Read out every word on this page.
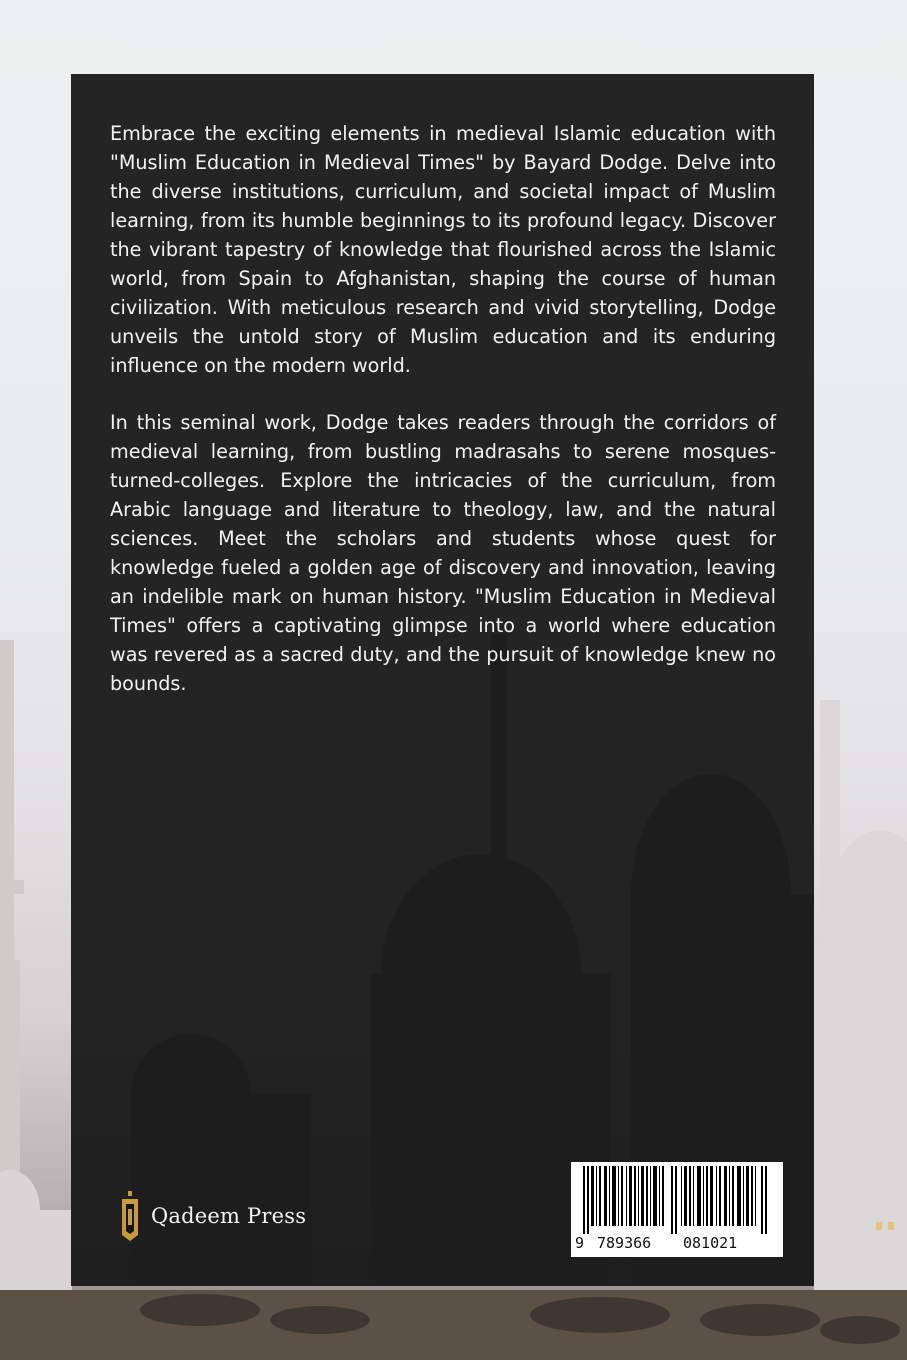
Embrace the exciting elements in medieval Islamic education with "Muslim Education in Medieval Times" by Bayard Dodge. Delve into the diverse institutions, curriculum, and societal impact of Muslim learning, from its humble beginnings to its profound legacy. Discover the vibrant tapestry of knowledge that flourished across the Islamic world, from Spain to Afghanistan, shaping the course of human civilization. With meticulous research and vivid storytelling, Dodge unveils the untold story of Muslim education and its enduring influence on the modern world.

In this seminal work, Dodge takes readers through the corridors of medieval learning, from bustling madrasahs to serene mosques-turned-colleges. Explore the intricacies of the curriculum, from Arabic language and literature to theology, law, and the natural sciences. Meet the scholars and students whose quest for knowledge fueled a golden age of discovery and innovation, leaving an indelible mark on human history. "Muslim Education in Medieval Times" offers a captivating glimpse into a world where education was revered as a sacred duty, and the pursuit of knowledge knew no bounds.

Qadeem Press
9 789366 081021
